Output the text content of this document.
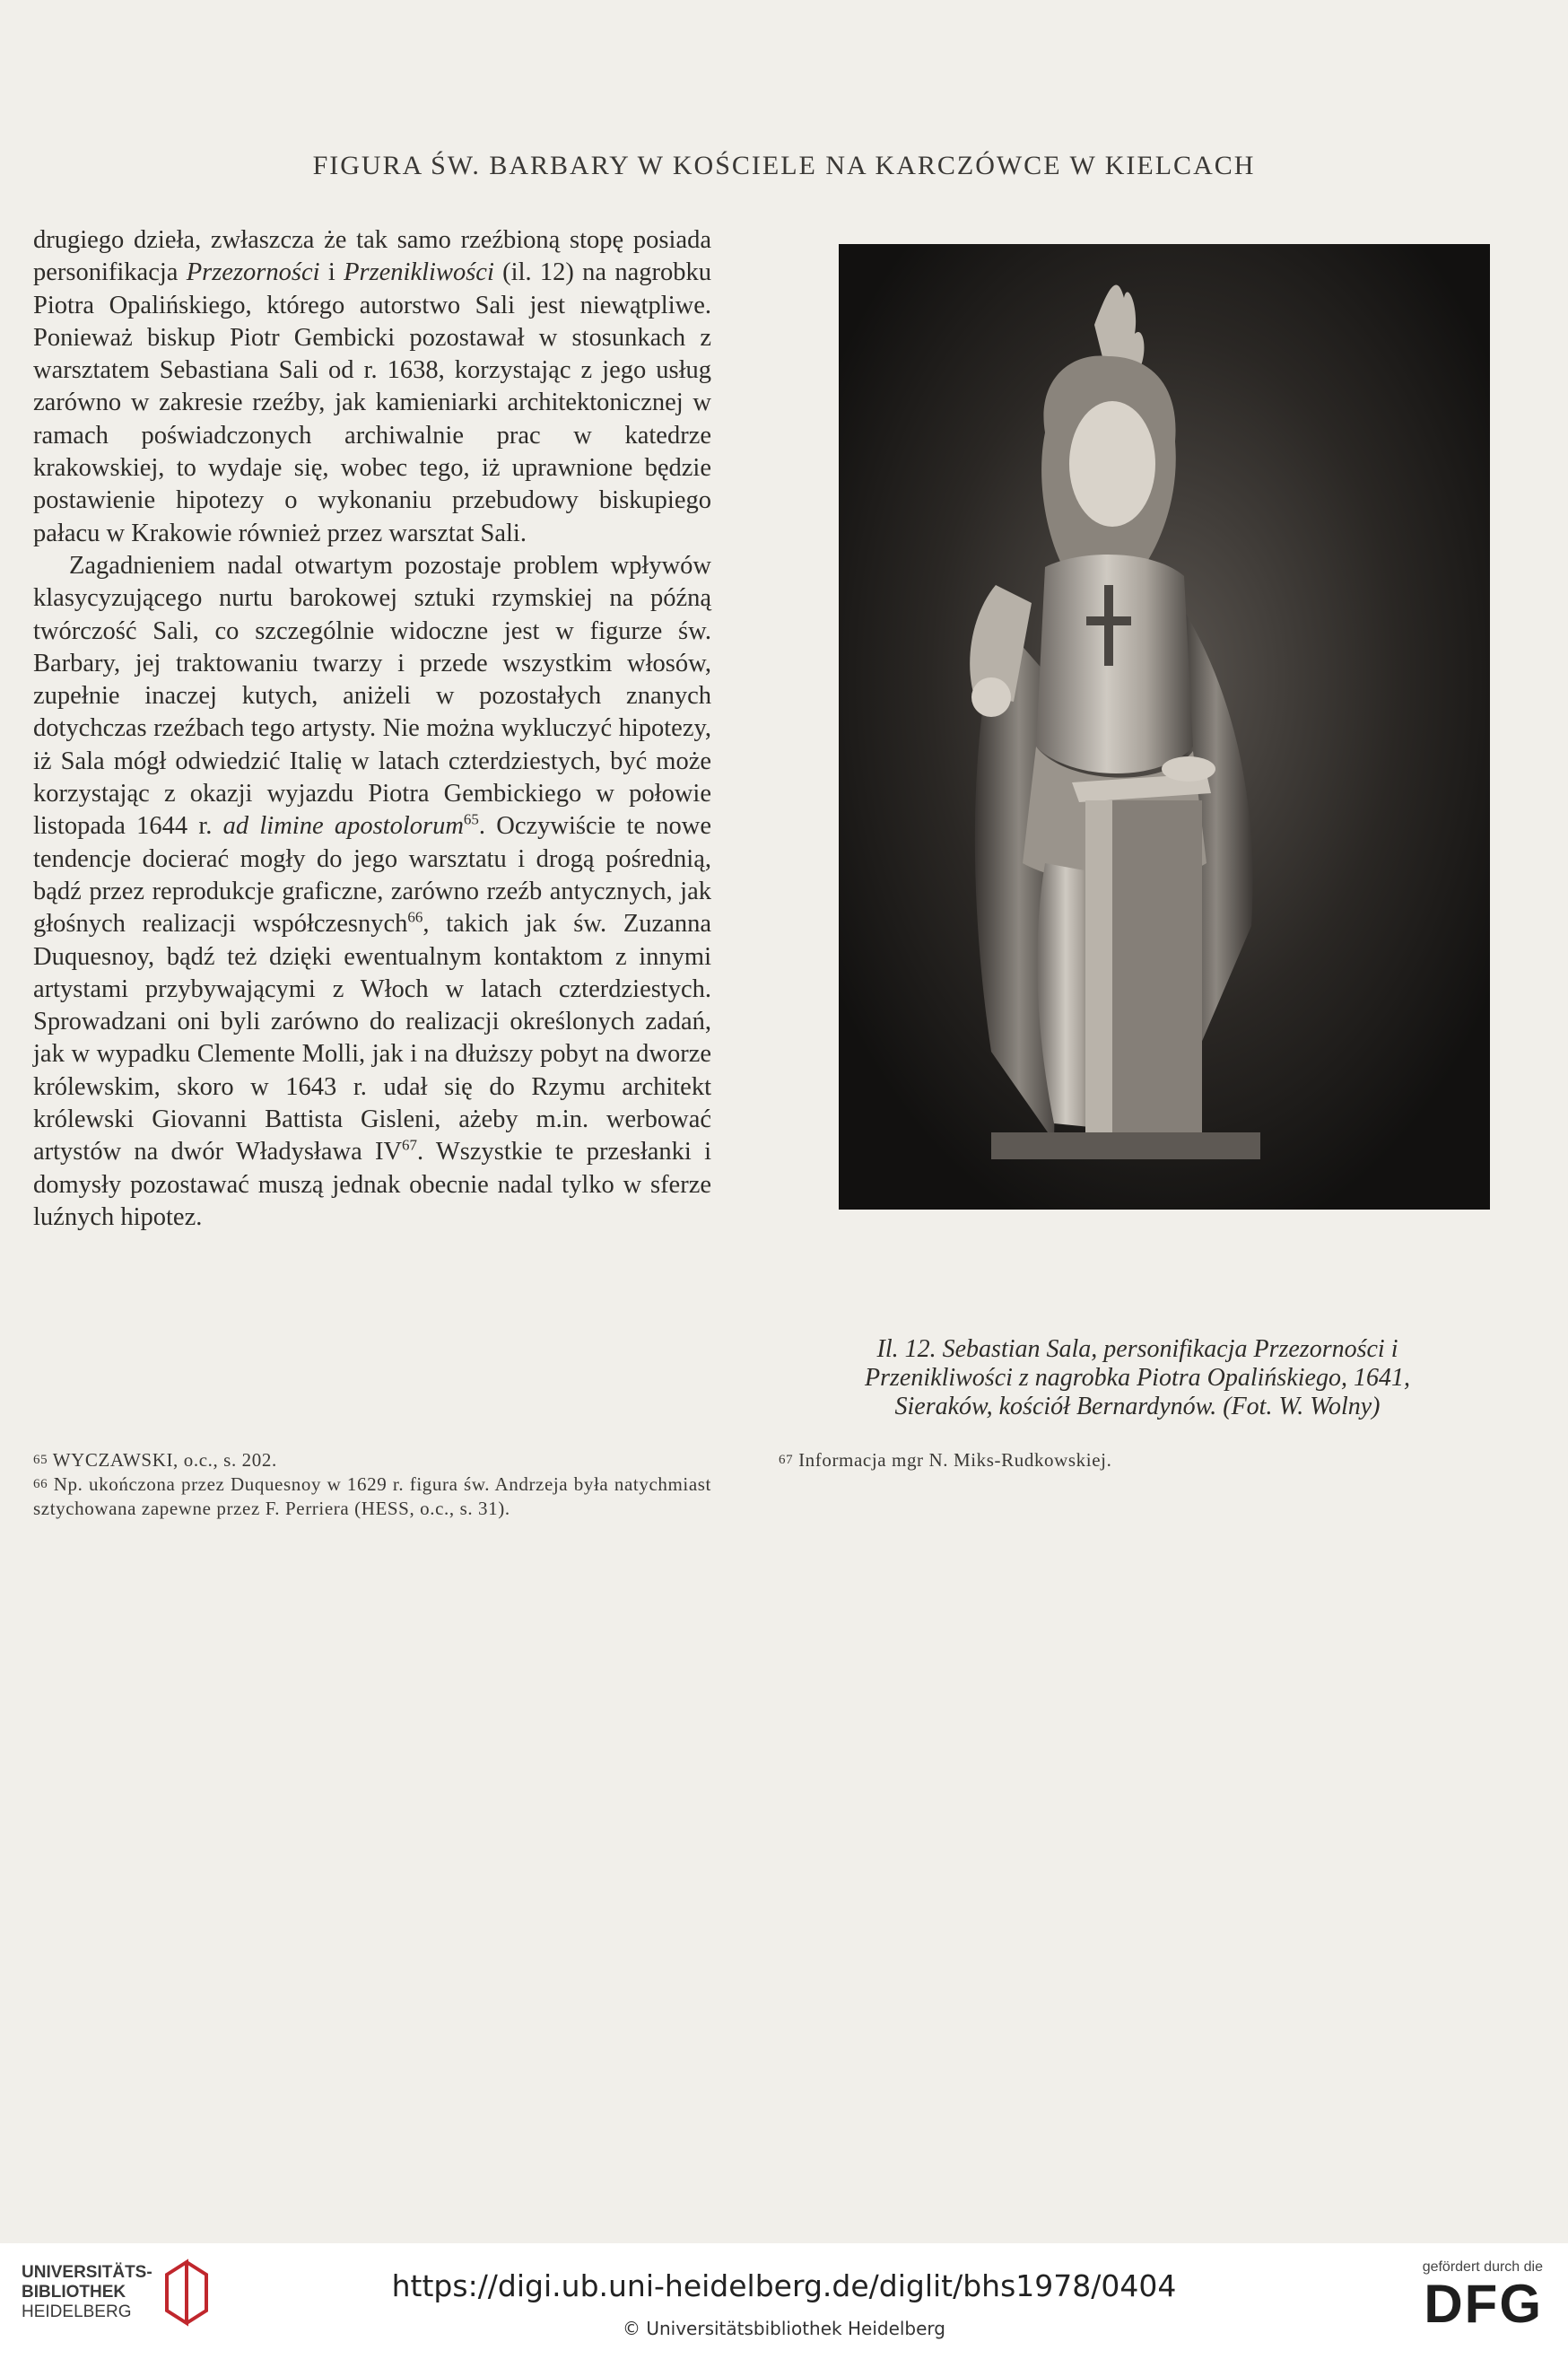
FIGURA ŚW. BARBARY W KOŚCIELE NA KARCZÓWCE W KIELCACH

drugiego dzieła, zwłaszcza że tak samo rzeźbioną stopę posiada personifikacja Przezorności i Przenikliwości (il. 12) na nagrobku Piotra Opalińskiego, którego autorstwo Sali jest niewątpliwe. Ponieważ biskup Piotr Gembicki pozostawał w stosunkach z warsztatem Sebastiana Sali od r. 1638, korzystając z jego usług zarówno w zakresie rzeźby, jak kamieniarki architektonicznej w ramach poświadczonych archiwalnie prac w katedrze krakowskiej, to wydaje się, wobec tego, iż uprawnione będzie postawienie hipotezy o wykonaniu przebudowy biskupiego pałacu w Krakowie również przez warsztat Sali.

Zagadnieniem nadal otwartym pozostaje problem wpływów klasycyzującego nurtu barokowej sztuki rzymskiej na późną twórczość Sali, co szczególnie widoczne jest w figurze św. Barbary, jej traktowaniu twarzy i przede wszystkim włosów, zupełnie inaczej kutych, aniżeli w pozostałych znanych dotychczas rzeźbach tego artysty. Nie można wykluczyć hipotezy, iż Sala mógł odwiedzić Italię w latach czterdziestych, być może korzystając z okazji wyjazdu Piotra Gembickiego w połowie listopada 1644 r. ad limine apostolorum$^{65}$. Oczywiście te nowe tendencje docierać mogły do jego warsztatu i drogą pośrednią, bądź przez reprodukcje graficzne, zarówno rzeźb antycznych, jak głośnych realizacji współczesnych$^{66}$, takich jak św. Zuzanna Duquesnoy, bądź też dzięki ewentualnym kontaktom z innymi artystami przybywającymi z Włoch w latach czterdziestych. Sprowadzani oni byli zarówno do realizacji określonych zadań, jak w wypadku Clemente Molli, jak i na dłuższy pobyt na dworze królewskim, skoro w 1643 r. udał się do Rzymu architekt królewski Giovanni Battista Gisleni, ażeby m.in. werbować artystów na dwór Władysława IV$^{67}$. Wszystkie te przesłanki i domysły pozostawać muszą jednak obecnie nadal tylko w sferze luźnych hipotez.

Il. 12. Sebastian Sala, personifikacja Przezorności i
Przenikliwości z nagrobka Piotra Opalińskiego, 1641,
Sieraków, kościół Bernardynów. (Fot. W. Wolny)
$^{65}$ WYCZAWSKI, o.c., s. 202.
$^{66}$ Np. ukończona przez Duquesnoy w 1629 r. figura św. Andrzeja była natychmiast sztychowana zapewne przez F. Perriera (HESS, o.c., s. 31).
$^{67}$ Informacja mgr N. Miks-Rudkowskiej.
UNIVERSITÄTS-
BIBLIOTHEK
HEIDELBERG
https://digi.ub.uni-heidelberg.de/diglit/bhs1978/0404
© Universitätsbibliothek Heidelberg
gefördert durch die
DFG
